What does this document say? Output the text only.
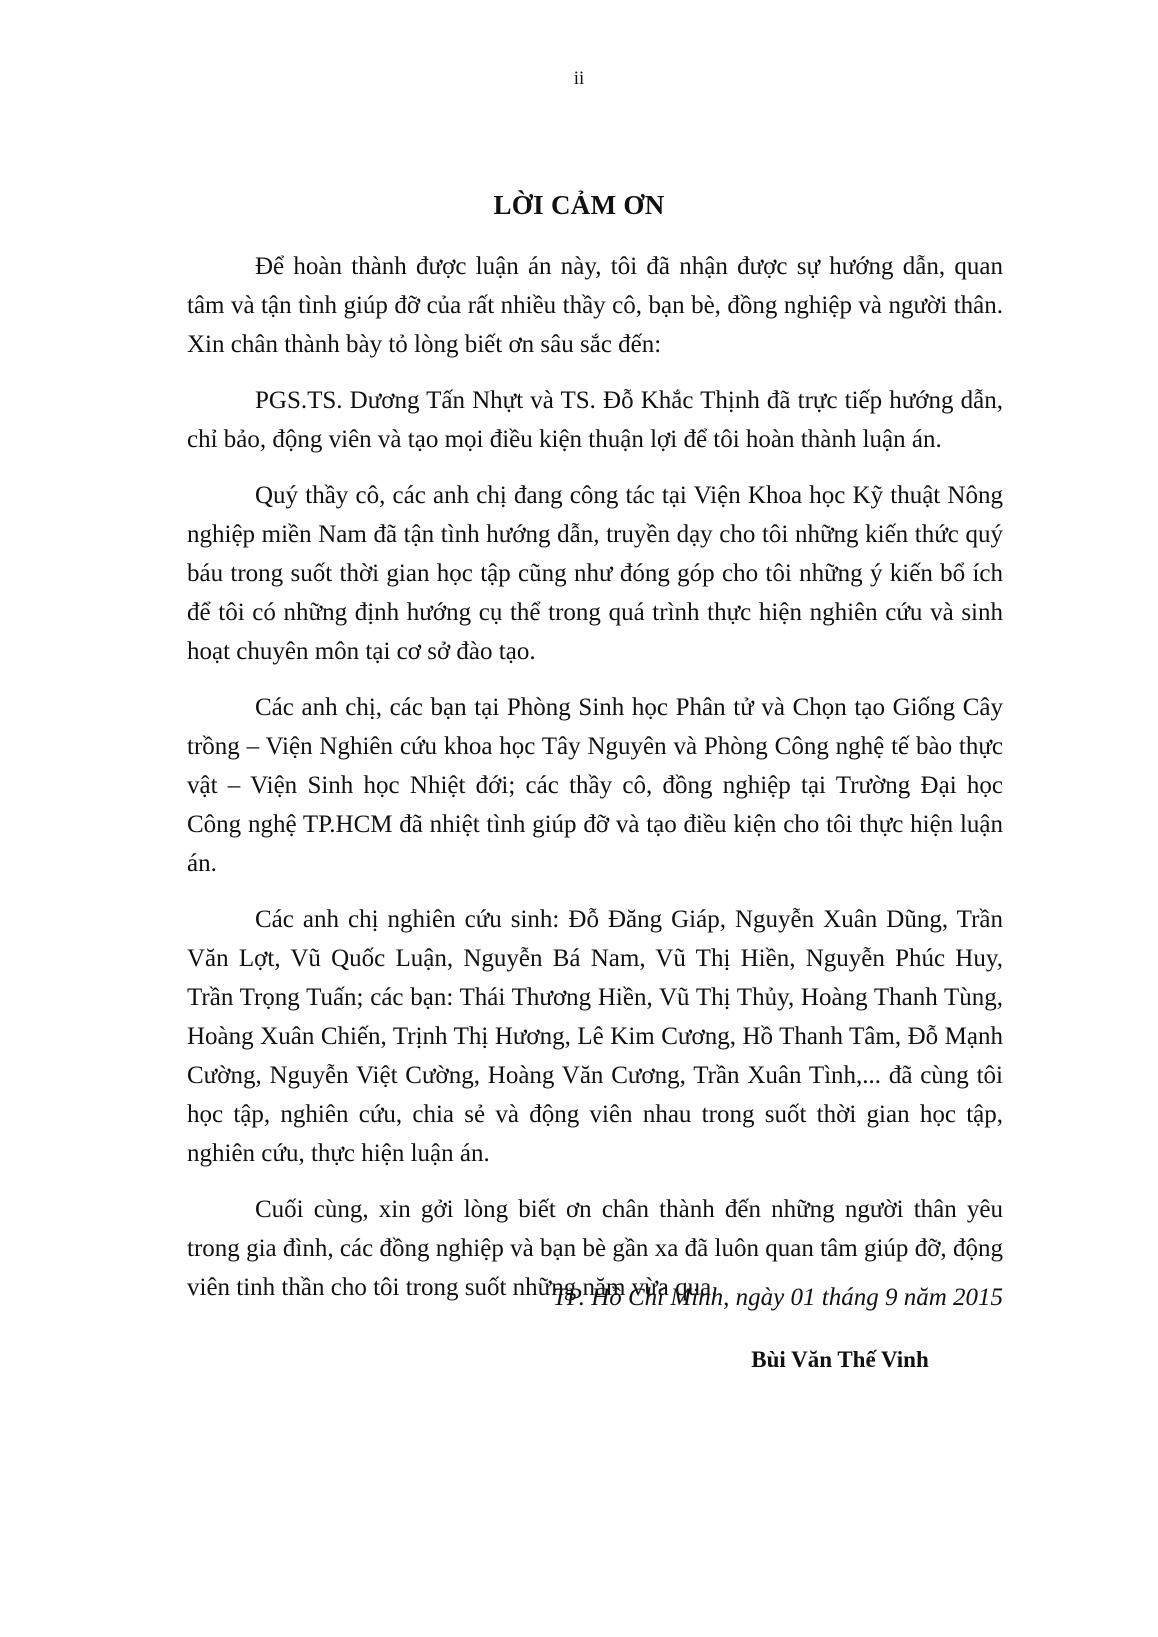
ii
LỜI CẢM ƠN

Để hoàn thành được luận án này, tôi đã nhận được sự hướng dẫn, quan tâm và tận tình giúp đỡ của rất nhiều thầy cô, bạn bè, đồng nghiệp và người thân. Xin chân thành bày tỏ lòng biết ơn sâu sắc đến:

PGS.TS. Dương Tấn Nhựt và TS. Đỗ Khắc Thịnh đã trực tiếp hướng dẫn, chỉ bảo, động viên và tạo mọi điều kiện thuận lợi để tôi hoàn thành luận án.

Quý thầy cô, các anh chị đang công tác tại Viện Khoa học Kỹ thuật Nông nghiệp miền Nam đã tận tình hướng dẫn, truyền dạy cho tôi những kiến thức quý báu trong suốt thời gian học tập cũng như đóng góp cho tôi những ý kiến bổ ích để tôi có những định hướng cụ thể trong quá trình thực hiện nghiên cứu và sinh hoạt chuyên môn tại cơ sở đào tạo.

Các anh chị, các bạn tại Phòng Sinh học Phân tử và Chọn tạo Giống Cây trồng – Viện Nghiên cứu khoa học Tây Nguyên và Phòng Công nghệ tế bào thực vật – Viện Sinh học Nhiệt đới; các thầy cô, đồng nghiệp tại Trường Đại học Công nghệ TP.HCM đã nhiệt tình giúp đỡ và tạo điều kiện cho tôi thực hiện luận án.

Các anh chị nghiên cứu sinh: Đỗ Đăng Giáp, Nguyễn Xuân Dũng, Trần Văn Lợt, Vũ Quốc Luận, Nguyễn Bá Nam, Vũ Thị Hiền, Nguyễn Phúc Huy, Trần Trọng Tuấn; các bạn: Thái Thương Hiền, Vũ Thị Thủy, Hoàng Thanh Tùng, Hoàng Xuân Chiến, Trịnh Thị Hương, Lê Kim Cương, Hồ Thanh Tâm, Đỗ Mạnh Cường, Nguyễn Việt Cường, Hoàng Văn Cương, Trần Xuân Tình,... đã cùng tôi học tập, nghiên cứu, chia sẻ và động viên nhau trong suốt thời gian học tập, nghiên cứu, thực hiện luận án.

Cuối cùng, xin gởi lòng biết ơn chân thành đến những người thân yêu trong gia đình, các đồng nghiệp và bạn bè gần xa đã luôn quan tâm giúp đỡ, động viên tinh thần cho tôi trong suốt những năm vừa qua.

TP. Hồ Chí Minh, ngày 01 tháng 9 năm 2015
Bùi Văn Thế Vinh
